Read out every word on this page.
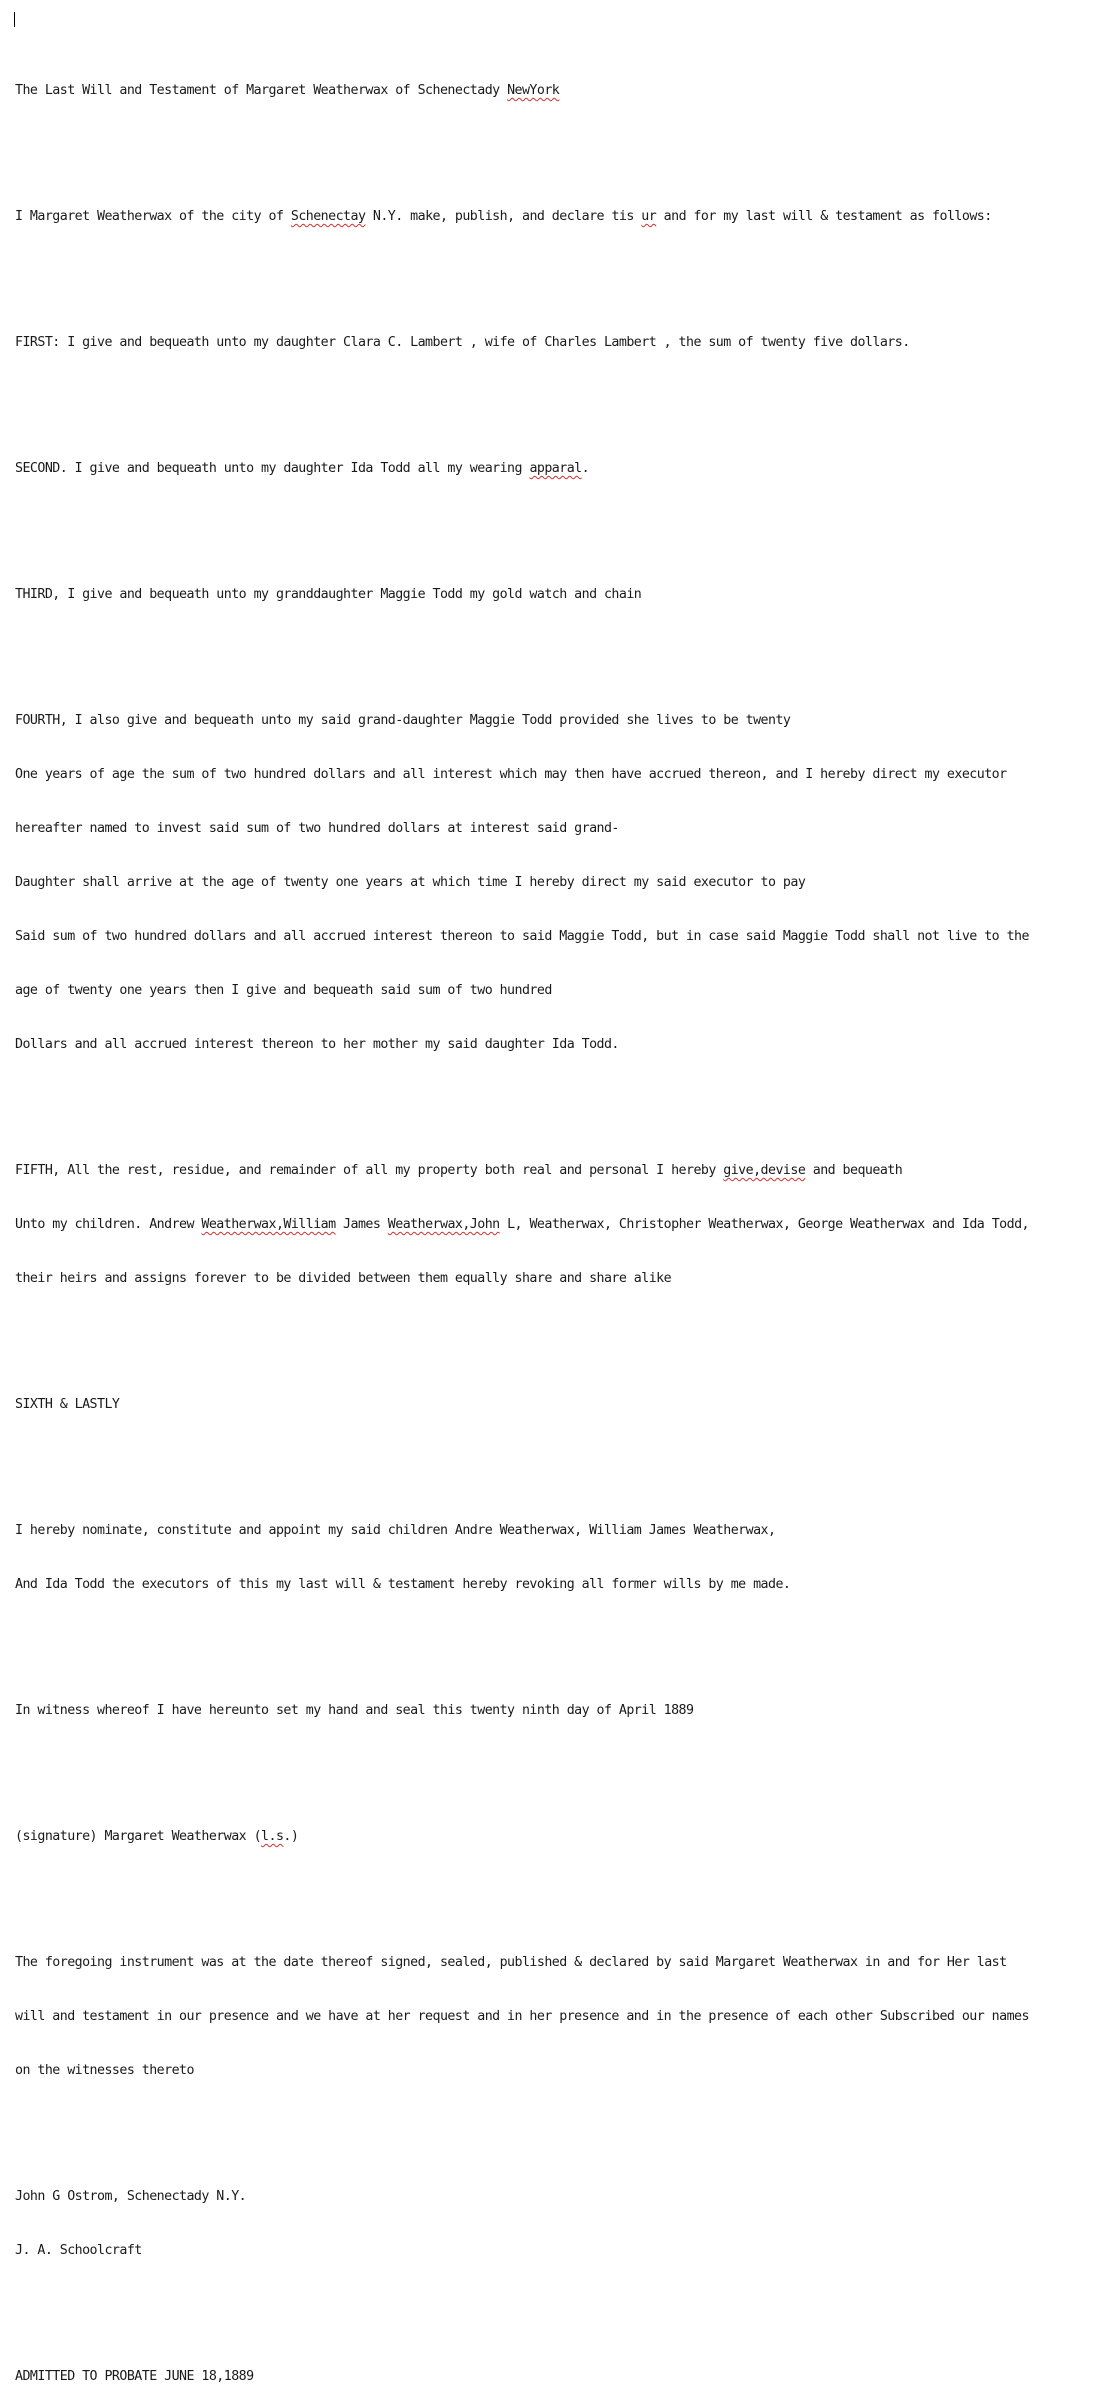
The Last Will and Testament of Margaret Weatherwax of Schenectady NewYork

I Margaret Weatherwax of the city of Schenectay N.Y. make, publish, and declare tis ur and for my last will & testament as follows:

FIRST: I give and bequeath unto my daughter Clara C. Lambert , wife of Charles Lambert , the sum of twenty five dollars.

SECOND. I give and bequeath unto my daughter Ida Todd all my wearing apparal.

THIRD, I give and bequeath unto my granddaughter Maggie Todd my gold watch and chain

FOURTH, I also give and bequeath unto my said grand-daughter Maggie Todd provided she lives to be twenty

One years of age the sum of two hundred dollars and all interest which may then have accrued thereon, and I hereby direct my executor

hereafter named to invest said sum of two hundred dollars at interest said grand-

Daughter shall arrive at the age of twenty one years at which time I hereby direct my said executor to pay

Said sum of two hundred dollars and all accrued interest thereon to said Maggie Todd, but in case said Maggie Todd shall not live to the

age of twenty one years then I give and bequeath said sum of two hundred

Dollars and all accrued interest thereon to her mother my said daughter Ida Todd.

FIFTH, All the rest, residue, and remainder of all my property both real and personal I hereby give,devise and bequeath

Unto my children. Andrew Weatherwax,William James Weatherwax,John L, Weatherwax, Christopher Weatherwax, George Weatherwax and Ida Todd,

their heirs and assigns forever to be divided between them equally share and share alike

SIXTH & LASTLY

I hereby nominate, constitute and appoint my said children Andre Weatherwax, William James Weatherwax,

And Ida Todd the executors of this my last will & testament hereby revoking all former wills by me made.

In witness whereof I have hereunto set my hand and seal this twenty ninth day of April 1889

(signature) Margaret Weatherwax (l.s.)

The foregoing instrument was at the date thereof signed, sealed, published & declared by said Margaret Weatherwax in and for Her last

will and testament in our presence and we have at her request and in her presence and in the presence of each other Subscribed our names

on the witnesses thereto

John G Ostrom, Schenectady N.Y.

J. A. Schoolcraft

ADMITTED TO PROBATE JUNE 18,1889
